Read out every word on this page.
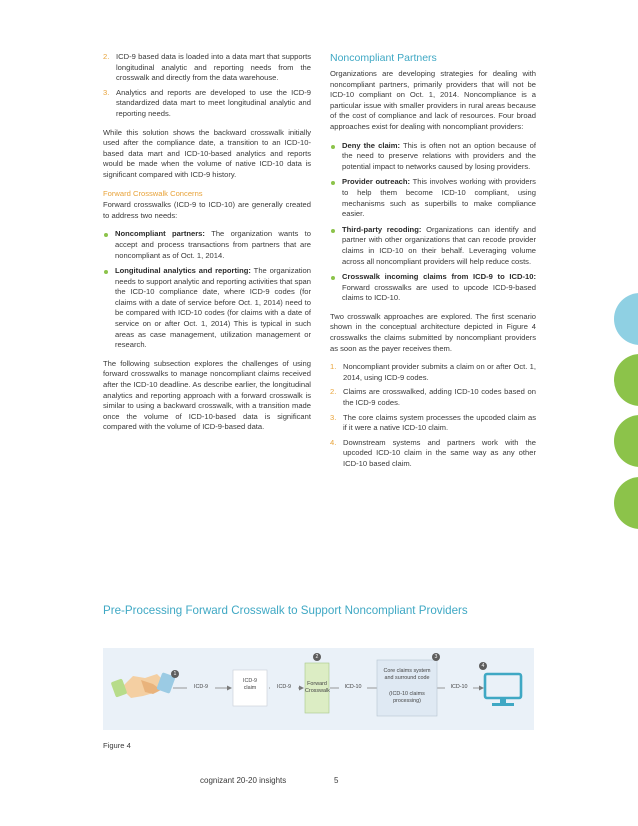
2. ICD-9 based data is loaded into a data mart that supports longitudinal analytic and reporting needs from the crosswalk and directly from the data warehouse.
3. Analytics and reports are developed to use the ICD-9 standardized data mart to meet longitudinal analytic and reporting needs.

While this solution shows the backward crosswalk initially used after the compliance date, a transition to an ICD-10-based data mart and ICD-10-based analytics and reports would be made when the volume of native ICD-10 data is significant compared with ICD-9 history.

Forward Crosswalk Concerns

Forward crosswalks (ICD-9 to ICD-10) are generally created to address two needs:

Noncompliant partners: The organization wants to accept and process transactions from partners that are noncompliant as of Oct. 1, 2014.
Longitudinal analytics and reporting: The organization needs to support analytic and reporting activities that span the ICD-10 compliance date, where ICD-9 codes (for claims with a date of service before Oct. 1, 2014) need to be compared with ICD-10 codes (for claims with a date of service on or after Oct. 1, 2014) This is typical in such areas as case management, utilization management or research.

The following subsection explores the challenges of using forward crosswalks to manage noncompliant claims received after the ICD-10 deadline. As describe earlier, the longitudinal analytics and reporting approach with a forward crosswalk is similar to using a backward crosswalk, with a transition made once the volume of ICD-10-based data is significant compared with the volume of ICD-9-based data.

Noncompliant Partners

Organizations are developing strategies for dealing with noncompliant partners, primarily providers that will not be ICD-10 compliant on Oct. 1, 2014. Noncompliance is a particular issue with smaller providers in rural areas because of the cost of compliance and lack of resources. Four broad approaches exist for dealing with noncompliant providers:

Deny the claim: This is often not an option because of the need to preserve relations with providers and the potential impact to networks caused by losing providers.
Provider outreach: This involves working with providers to help them become ICD-10 compliant, using mechanisms such as superbills to make compliance easier.
Third-party recoding: Organizations can identify and partner with other organizations that can recode provider claims in ICD-10 on their behalf. Leveraging volume across all noncompliant providers will help reduce costs.
Crosswalk incoming claims from ICD-9 to ICD-10: Forward crosswalks are used to upcode ICD-9-based claims to ICD-10.

Two crosswalk approaches are explored. The first scenario shown in the conceptual architecture depicted in Figure 4 crosswalks the claims submitted by noncompliant providers as soon as the payer receives them.

1. Noncompliant provider submits a claim on or after Oct. 1, 2014, using ICD-9 codes.
2. Claims are crosswalked, adding ICD-10 codes based on the ICD-9 codes.
3. The core claims system processes the upcoded claim as if it were a native ICD-10 claim.
4. Downstream systems and partners work with the upcoded ICD-10 claim in the same way as any other ICD-10 based claim.
Pre-Processing Forward Crosswalk to Support Noncompliant Providers
1
2	3
4
ICD-9
ICD-9
claim	ICD-9	Forward
Crosswalk
ICD-10
Core claims system
and surround code
(ICD-10 claims
processing)
ICD-10
Figure 4
cognizant 20-20 insights	5
